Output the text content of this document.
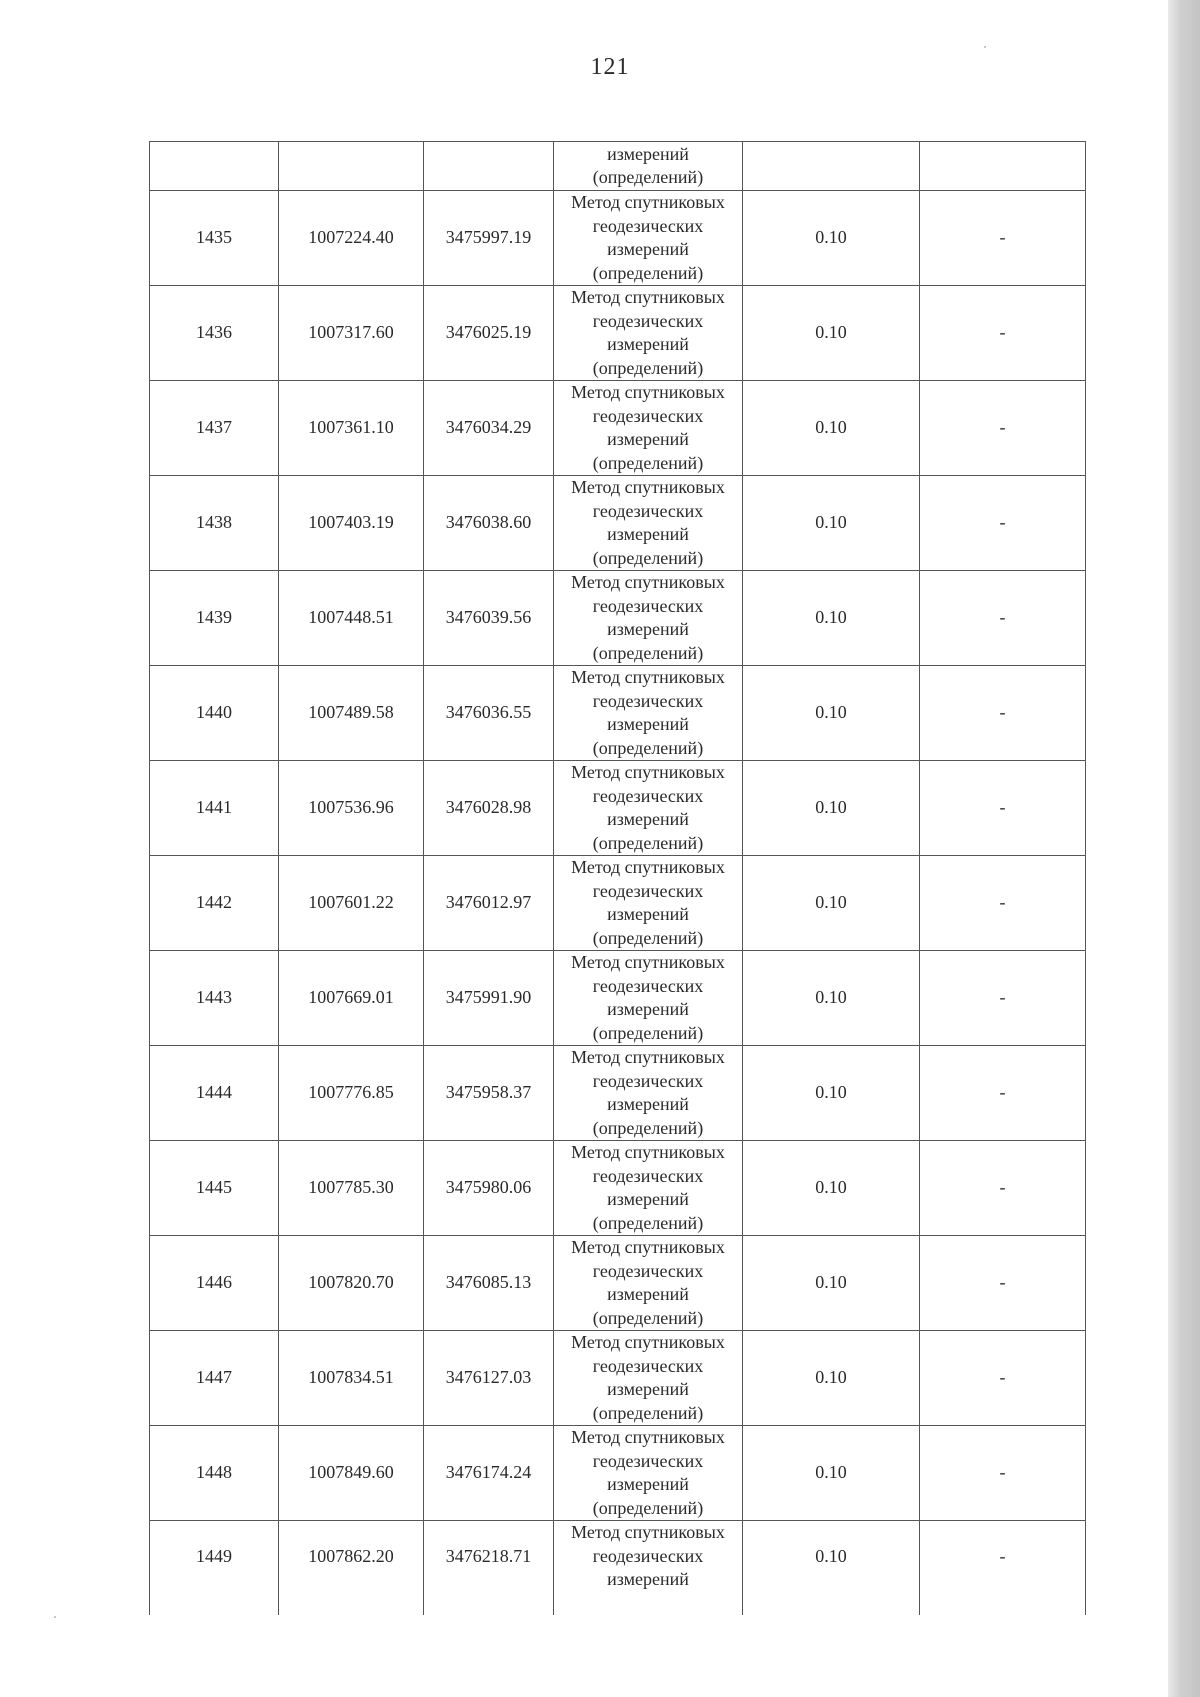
121
			измерений
(определений)		
1435	1007224.40	3475997.19	Метод спутниковых
геодезических
измерений
(определений)	0.10	-
1436	1007317.60	3476025.19	Метод спутниковых
геодезических
измерений
(определений)	0.10	-
1437	1007361.10	3476034.29	Метод спутниковых
геодезических
измерений
(определений)	0.10	-
1438	1007403.19	3476038.60	Метод спутниковых
геодезических
измерений
(определений)	0.10	-
1439	1007448.51	3476039.56	Метод спутниковых
геодезических
измерений
(определений)	0.10	-
1440	1007489.58	3476036.55	Метод спутниковых
геодезических
измерений
(определений)	0.10	-
1441	1007536.96	3476028.98	Метод спутниковых
геодезических
измерений
(определений)	0.10	-
1442	1007601.22	3476012.97	Метод спутниковых
геодезических
измерений
(определений)	0.10	-
1443	1007669.01	3475991.90	Метод спутниковых
геодезических
измерений
(определений)	0.10	-
1444	1007776.85	3475958.37	Метод спутниковых
геодезических
измерений
(определений)	0.10	-
1445	1007785.30	3475980.06	Метод спутниковых
геодезических
измерений
(определений)	0.10	-
1446	1007820.70	3476085.13	Метод спутниковых
геодезических
измерений
(определений)	0.10	-
1447	1007834.51	3476127.03	Метод спутниковых
геодезических
измерений
(определений)	0.10	-
1448	1007849.60	3476174.24	Метод спутниковых
геодезических
измерений
(определений)	0.10	-
1449	1007862.20	3476218.71	Метод спутниковых
геодезических
измерений	0.10	-
